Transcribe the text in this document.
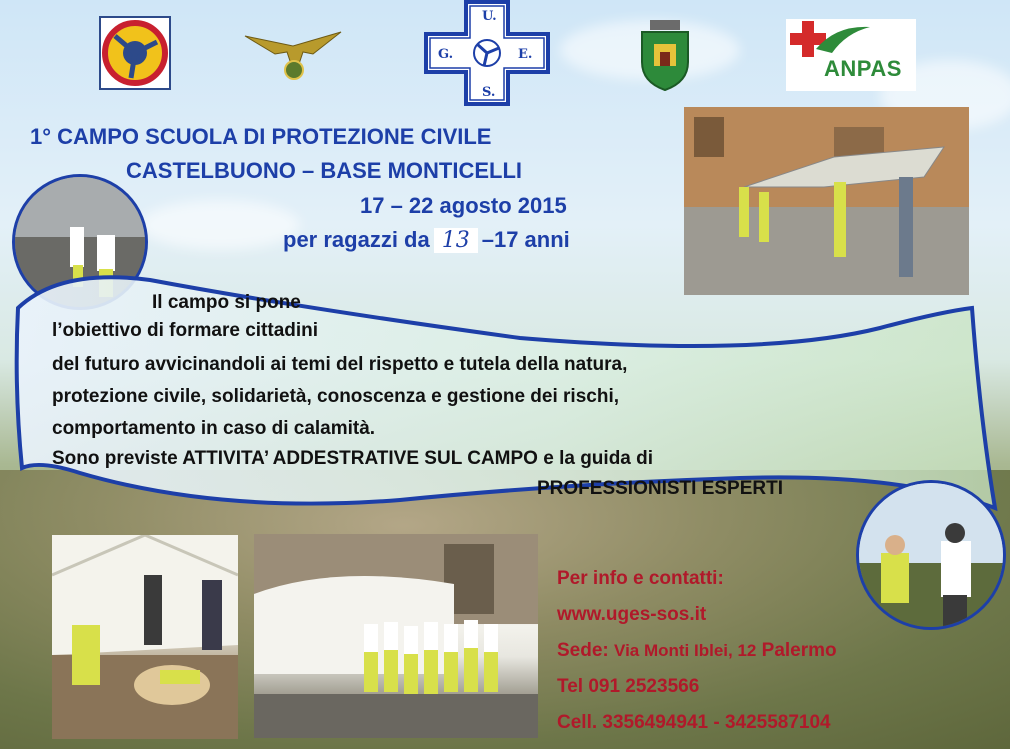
U.
G.	E.
S.
ANPAS
1° CAMPO SCUOLA DI PROTEZIONE CIVILE
CASTELBUONO – BASE MONTICELLI
17 – 22 agosto 2015
per ragazzi da 13 –17 anni
Il campo si pone
l’obiettivo di formare cittadini
del futuro avvicinandoli ai temi del rispetto e tutela della natura,
protezione civile, solidarietà, conoscenza e gestione dei rischi,
comportamento in caso di calamità.
Sono previste ATTIVITA’ ADDESTRATIVE SUL CAMPO e la guida di
PROFESSIONISTI ESPERTI
Per info e contatti:
www.uges-sos.it
Sede: Via Monti Iblei, 12 Palermo
Tel 091 2523566
Cell. 3356494941 - 3425587104
